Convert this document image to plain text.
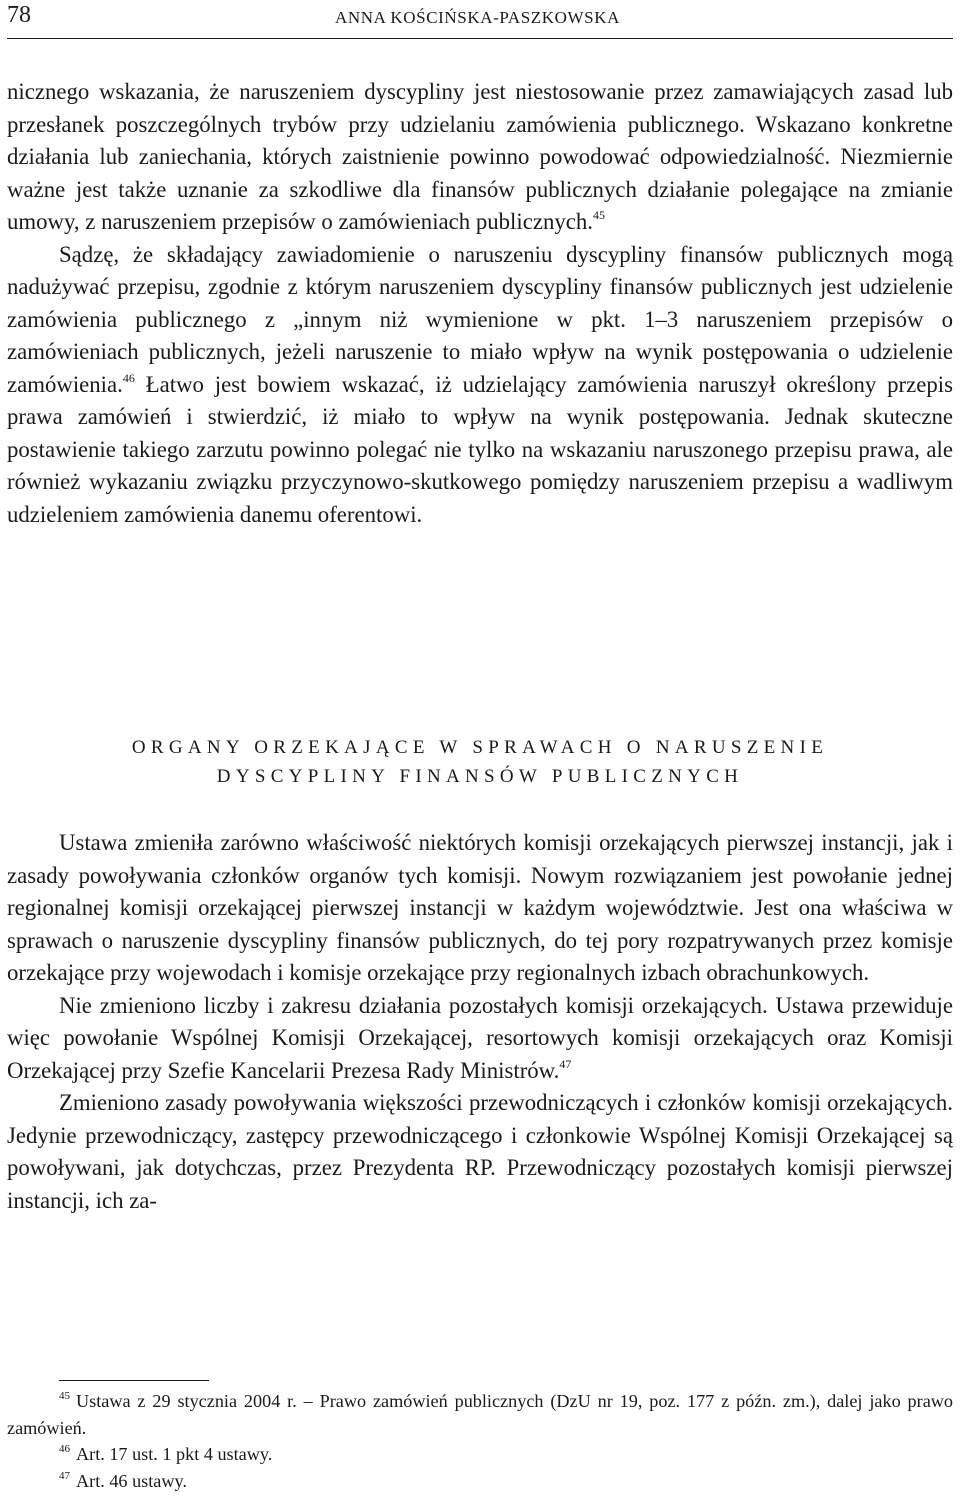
78	ANNA KOŚCIŃSKA-PASZKOWSKA

nicznego wskazania, że naruszeniem dyscypliny jest niestosowanie przez zamawiających zasad lub przesłanek poszczególnych trybów przy udzielaniu zamówienia publicznego. Wskazano konkretne działania lub zaniechania, których zaistnienie powinno powodować odpowiedzialność. Niezmiernie ważne jest także uznanie za szkodliwe dla finansów publicznych działanie polegające na zmianie umowy, z naruszeniem przepisów o zamówieniach publicznych.$^{45}$

Sądzę, że składający zawiadomienie o naruszeniu dyscypliny finansów publicznych mogą nadużywać przepisu, zgodnie z którym naruszeniem dyscypliny finansów publicznych jest udzielenie zamówienia publicznego z „innym niż wymienione w pkt. 1–3 naruszeniem przepisów o zamówieniach publicznych, jeżeli naruszenie to miało wpływ na wynik postępowania o udzielenie zamówienia.$^{46}$ Łatwo jest bowiem wskazać, iż udzielający zamówienia naruszył określony przepis prawa zamówień i stwierdzić, iż miało to wpływ na wynik postępowania. Jednak skuteczne postawienie takiego zarzutu powinno polegać nie tylko na wskazaniu naruszonego przepisu prawa, ale również wykazaniu związku przyczynowo-skutkowego pomiędzy naruszeniem przepisu a wadliwym udzieleniem zamówienia danemu oferentowi.

ORGANY ORZEKAJĄCE W SPRAWACH O NARUSZENIE
DYSCYPLINY FINANSÓW PUBLICZNYCH

Ustawa zmieniła zarówno właściwość niektórych komisji orzekających pierwszej instancji, jak i zasady powoływania członków organów tych komisji. Nowym rozwiązaniem jest powołanie jednej regionalnej komisji orzekającej pierwszej instancji w każdym województwie. Jest ona właściwa w sprawach o naruszenie dyscypliny finansów publicznych, do tej pory rozpatrywanych przez komisje orzekające przy wojewodach i komisje orzekające przy regionalnych izbach obrachunkowych.

Nie zmieniono liczby i zakresu działania pozostałych komisji orzekających. Ustawa przewiduje więc powołanie Wspólnej Komisji Orzekającej, resortowych komisji orzekających oraz Komisji Orzekającej przy Szefie Kancelarii Prezesa Rady Ministrów.$^{47}$

Zmieniono zasady powoływania większości przewodniczących i członków komisji orzekających. Jedynie przewodniczący, zastępcy przewodniczącego i członkowie Wspólnej Komisji Orzekającej są powoływani, jak dotychczas, przez Prezydenta RP. Przewodniczący pozostałych komisji pierwszej instancji, ich za-

$^{45}$ Ustawa z 29 stycznia 2004 r. – Prawo zamówień publicznych (DzU nr 19, poz. 177 z późn. zm.), dalej jako prawo zamówień.

$^{46}$ Art. 17 ust. 1 pkt 4 ustawy.

$^{47}$ Art. 46 ustawy.
